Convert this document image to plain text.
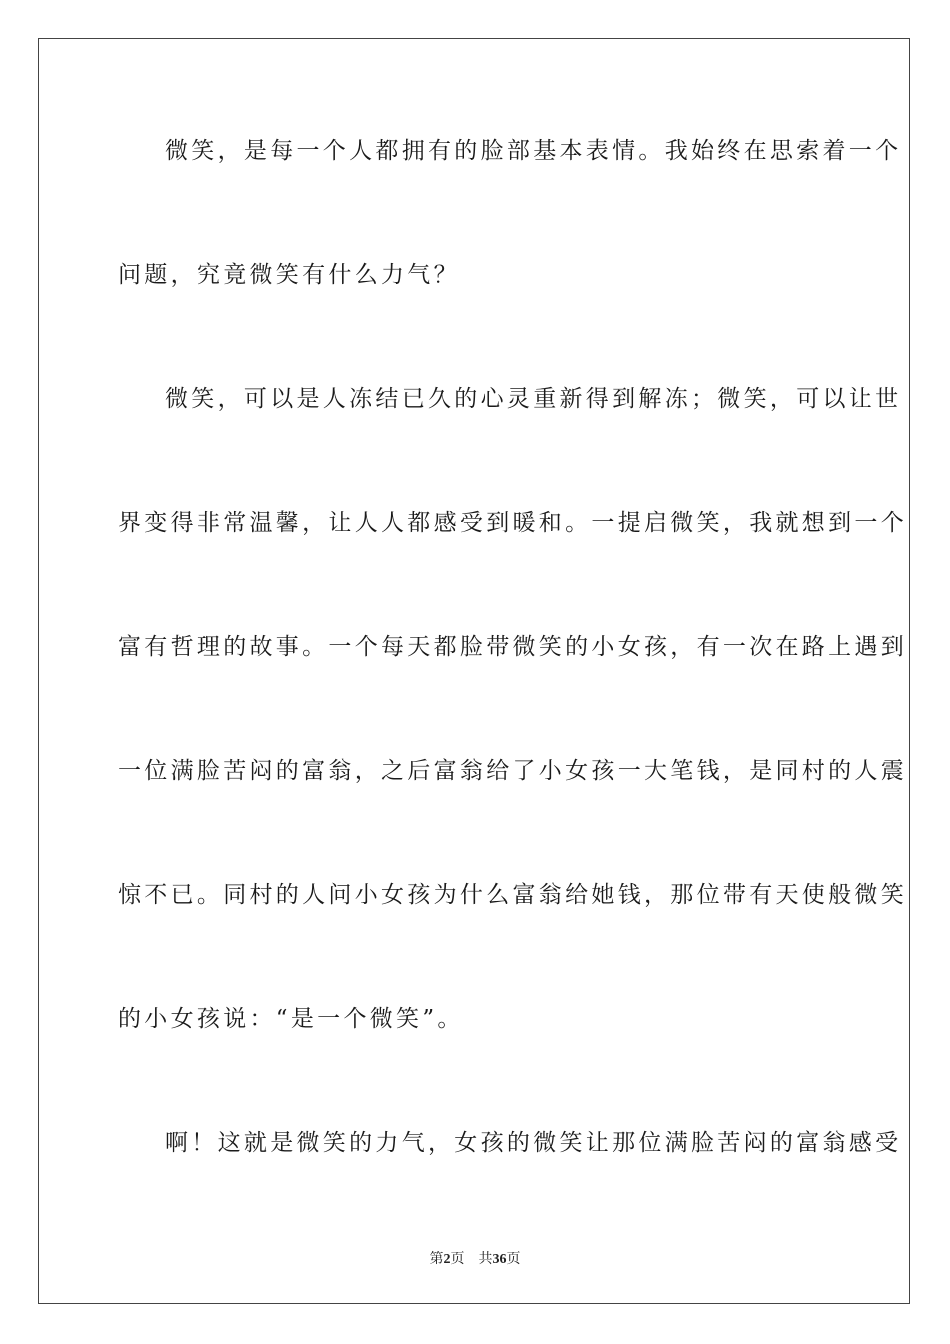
微笑，是每一个人都拥有的脸部基本表情。我始终在思索着一个
问题，究竟微笑有什么力气？
微笑，可以是人冻结已久的心灵重新得到解冻；微笑，可以让世
界变得非常温馨，让人人都感受到暖和。一提启微笑，我就想到一个
富有哲理的故事。一个每天都脸带微笑的小女孩，有一次在路上遇到
一位满脸苦闷的富翁，之后富翁给了小女孩一大笔钱，是同村的人震
惊不已。同村的人问小女孩为什么富翁给她钱，那位带有天使般微笑
的小女孩说：“是一个微笑”。
啊！这就是微笑的力气，女孩的微笑让那位满脸苦闷的富翁感受
第2页 共36页
